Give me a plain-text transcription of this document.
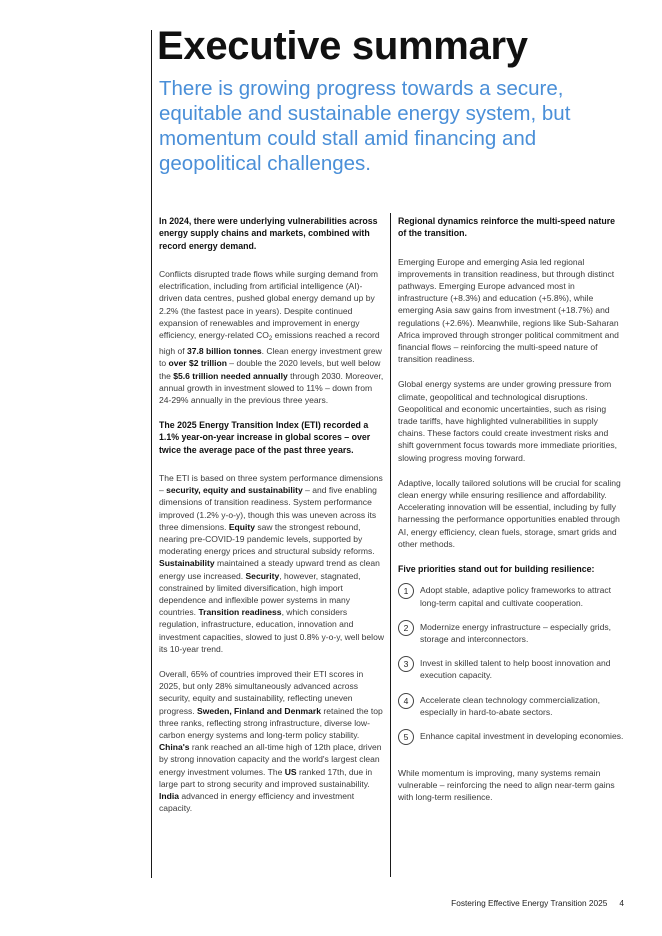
Executive summary
There is growing progress towards a secure, equitable and sustainable energy system, but momentum could stall amid financing and geopolitical challenges.

In 2024, there were underlying vulnerabilities across energy supply chains and markets, combined with record energy demand.

Conflicts disrupted trade flows while surging demand from electrification, including from artificial intelligence (AI)-driven data centres, pushed global energy demand up by 2.2% (the fastest pace in years). Despite continued expansion of renewables and improvement in energy efficiency, energy-related $CO_2$ emissions reached a record high of 37.8 billion tonnes. Clean energy investment grew to over $2 trillion – double the 2020 levels, but well below the $5.6 trillion needed annually through 2030. Moreover, annual growth in investment slowed to 11% – down from 24-29% annually in the previous three years.

The 2025 Energy Transition Index (ETI) recorded a 1.1% year-on-year increase in global scores – over twice the average pace of the past three years.

The ETI is based on three system performance dimensions – security, equity and sustainability – and five enabling dimensions of transition readiness. System performance improved (1.2% y-o-y), though this was uneven across its three dimensions. Equity saw the strongest rebound, nearing pre-COVID-19 pandemic levels, supported by moderating energy prices and structural subsidy reforms. Sustainability maintained a steady upward trend as clean energy use increased. Security, however, stagnated, constrained by limited diversification, high import dependence and inflexible power systems in many countries. Transition readiness, which considers regulation, infrastructure, education, innovation and investment capacities, slowed to just 0.8% y-o-y, well below its 10-year trend.

Overall, 65% of countries improved their ETI scores in 2025, but only 28% simultaneously advanced across security, equity and sustainability, reflecting uneven progress. Sweden, Finland and Denmark retained the top three ranks, reflecting strong infrastructure, diverse low-carbon energy systems and long-term policy stability. China's rank reached an all-time high of 12th place, driven by strong innovation capacity and the world's largest clean energy investment volumes. The US ranked 17th, due in large part to strong security and improved sustainability. India advanced in energy efficiency and investment capacity.

Regional dynamics reinforce the multi-speed nature of the transition.

Emerging Europe and emerging Asia led regional improvements in transition readiness, but through distinct pathways. Emerging Europe advanced most in infrastructure (+8.3%) and education (+5.8%), while emerging Asia saw gains from investment (+18.7%) and regulations (+2.6%). Meanwhile, regions like Sub-Saharan Africa improved through stronger political commitment and financial flows – reinforcing the multi-speed nature of transition readiness.

Global energy systems are under growing pressure from climate, geopolitical and technological disruptions. Geopolitical and economic uncertainties, such as rising trade tariffs, have highlighted vulnerabilities in supply chains. These factors could create investment risks and shift government focus towards more immediate priorities, slowing progress moving forward.

Adaptive, locally tailored solutions will be crucial for scaling clean energy while ensuring resilience and affordability. Accelerating innovation will be essential, including by fully harnessing the performance opportunities enabled through AI, energy efficiency, clean fuels, storage, smart grids and other methods.

Five priorities stand out for building resilience:

1	Adopt stable, adaptive policy frameworks to attract long-term capital and cultivate cooperation.

2	Modernize energy infrastructure – especially grids, storage and interconnectors.

3	Invest in skilled talent to help boost innovation and execution capacity.

4	Accelerate clean technology commercialization, especially in hard-to-abate sectors.

5	Enhance capital investment in developing economies.

While momentum is improving, many systems remain vulnerable – reinforcing the need to align near-term gains with long-term resilience.

Fostering Effective Energy Transition 2025 4
